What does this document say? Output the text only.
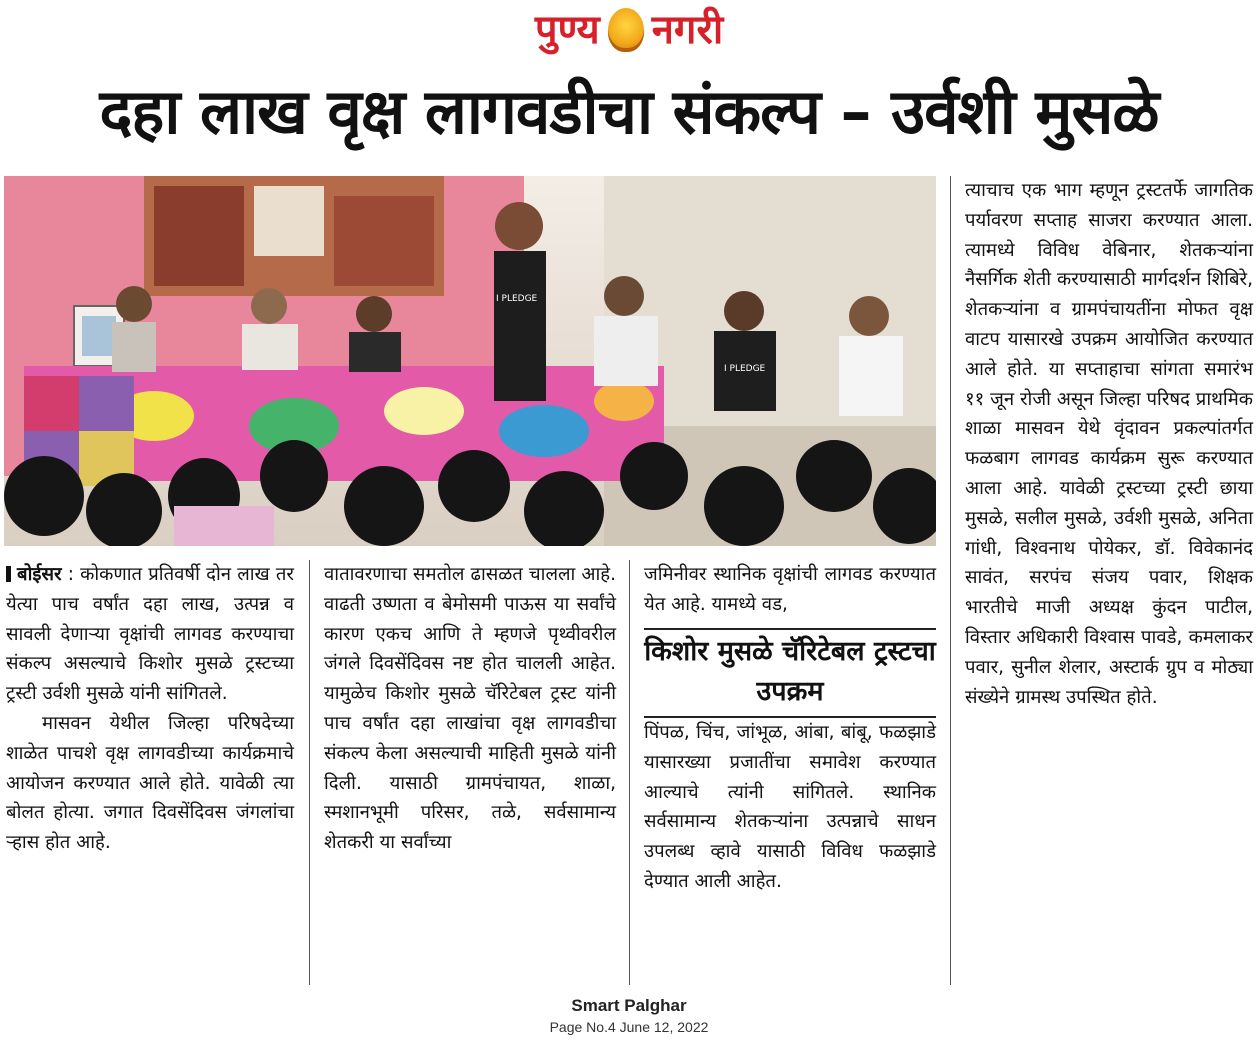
पुण्य नगरी
दहा लाख वृक्ष लागवडीचा संकल्प – उर्वशी मुसळे
I PLEDGE
I PLEDGE

बोईसर : कोकणात प्रतिवर्षी दोन लाख तर येत्या पाच वर्षांत दहा लाख, उत्पन्न व सावली देणाऱ्या वृक्षांची लागवड करण्याचा संकल्प असल्याचे किशोर मुसळे ट्रस्टच्या ट्रस्टी उर्वशी मुसळे यांनी सांगितले.

मासवन येथील जिल्हा परिषदेच्या शाळेत पाचशे वृक्ष लागवडीच्या कार्यक्रमाचे आयोजन करण्यात आले होते. यावेळी त्या बोलत होत्या. जगात दिवसेंदिवस जंगलांचा ऱ्हास होत आहे.

वातावरणाचा समतोल ढासळत चालला आहे. वाढती उष्णता व बेमोसमी पाऊस या सर्वांचे कारण एकच आणि ते म्हणजे पृथ्वीवरील जंगले दिवसेंदिवस नष्ट होत चालली आहेत. यामुळेच किशोर मुसळे चॅरिटेबल ट्रस्ट यांनी पाच वर्षांत दहा लाखांचा वृक्ष लागवडीचा संकल्प केला असल्याची माहिती मुसळे यांनी दिली. यासाठी ग्रामपंचायत, शाळा, स्मशानभूमी परिसर, तळे, सर्वसामान्य शेतकरी या सर्वांच्या

जमिनीवर स्थानिक वृक्षांची लागवड करण्यात येत आहे. यामध्ये वड,

किशोर मुसळे चॅरिटेबल ट्रस्टचा उपक्रम

पिंपळ, चिंच, जांभूळ, आंबा, बांबू, फळझाडे यासारख्या प्रजातींचा समावेश करण्यात आल्याचे त्यांनी सांगितले. स्थानिक सर्वसामान्य शेतकऱ्यांना उत्पन्नाचे साधन उपलब्ध व्हावे यासाठी विविध फळझाडे देण्यात आली आहेत.

त्याचाच एक भाग म्हणून ट्रस्टतर्फे जागतिक पर्यावरण सप्ताह साजरा करण्यात आला. त्यामध्ये विविध वेबिनार, शेतकऱ्यांना नैसर्गिक शेती करण्यासाठी मार्गदर्शन शिबिरे, शेतकऱ्यांना व ग्रामपंचायतींना मोफत वृक्ष वाटप यासारखे उपक्रम आयोजित करण्यात आले होते. या सप्ताहाचा सांगता समारंभ ११ जून रोजी असून जिल्हा परिषद प्राथमिक शाळा मासवन येथे वृंदावन प्रकल्पांतर्गत फळबाग लागवड कार्यक्रम सुरू करण्यात आला आहे. यावेळी ट्रस्टच्या ट्रस्टी छाया मुसळे, सलील मुसळे, उर्वशी मुसळे, अनिता गांधी, विश्वनाथ पोयेकर, डॉ. विवेकानंद सावंत, सरपंच संजय पवार, शिक्षक भारतीचे माजी अध्यक्ष कुंदन पाटील, विस्तार अधिकारी विश्वास पावडे, कमलाकर पवार, सुनील शेलार, अस्टार्क ग्रुप व मोठ्या संख्येने ग्रामस्थ उपस्थित होते.

Smart Palghar
Page No.4 June 12, 2022
